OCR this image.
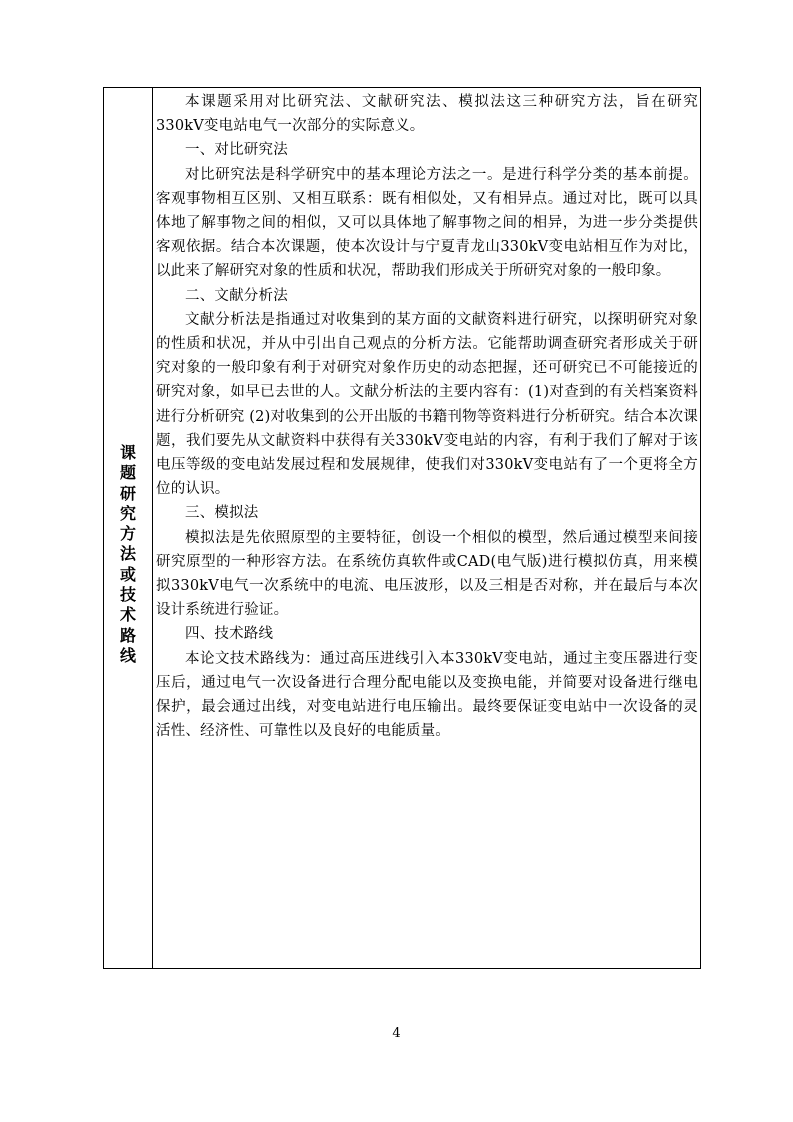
课
题
研
究
方
法
或
技
术
路
线

本课题采用对比研究法、文献研究法、模拟法这三种研究方法，旨在研究330kV变电站电气一次部分的实际意义。

一、对比研究法

对比研究法是科学研究中的基本理论方法之一。是进行科学分类的基本前提。客观事物相互区别、又相互联系：既有相似处，又有相异点。通过对比，既可以具体地了解事物之间的相似，又可以具体地了解事物之间的相异，为进一步分类提供客观依据。结合本次课题，使本次设计与宁夏青龙山330kV变电站相互作为对比，以此来了解研究对象的性质和状况，帮助我们形成关于所研究对象的一般印象。

二、文献分析法

文献分析法是指通过对收集到的某方面的文献资料进行研究，以探明研究对象的性质和状况，并从中引出自己观点的分析方法。它能帮助调查研究者形成关于研究对象的一般印象有利于对研究对象作历史的动态把握，还可研究已不可能接近的研究对象，如早已去世的人。文献分析法的主要内容有：(1)对查到的有关档案资料进行分析研究 (2)对收集到的公开出版的书籍刊物等资料进行分析研究。结合本次课题，我们要先从文献资料中获得有关330kV变电站的内容，有利于我们了解对于该电压等级的变电站发展过程和发展规律，使我们对330kV变电站有了一个更将全方位的认识。

三、模拟法

模拟法是先依照原型的主要特征，创设一个相似的模型，然后通过模型来间接研究原型的一种形容方法。在系统仿真软件或CAD(电气版)进行模拟仿真，用来模拟330kV电气一次系统中的电流、电压波形，以及三相是否对称，并在最后与本次设计系统进行验证。

四、技术路线

本论文技术路线为：通过高压进线引入本330kV变电站，通过主变压器进行变压后，通过电气一次设备进行合理分配电能以及变换电能，并简要对设备进行继电保护，最会通过出线，对变电站进行电压输出。最终要保证变电站中一次设备的灵活性、经济性、可靠性以及良好的电能质量。

4
